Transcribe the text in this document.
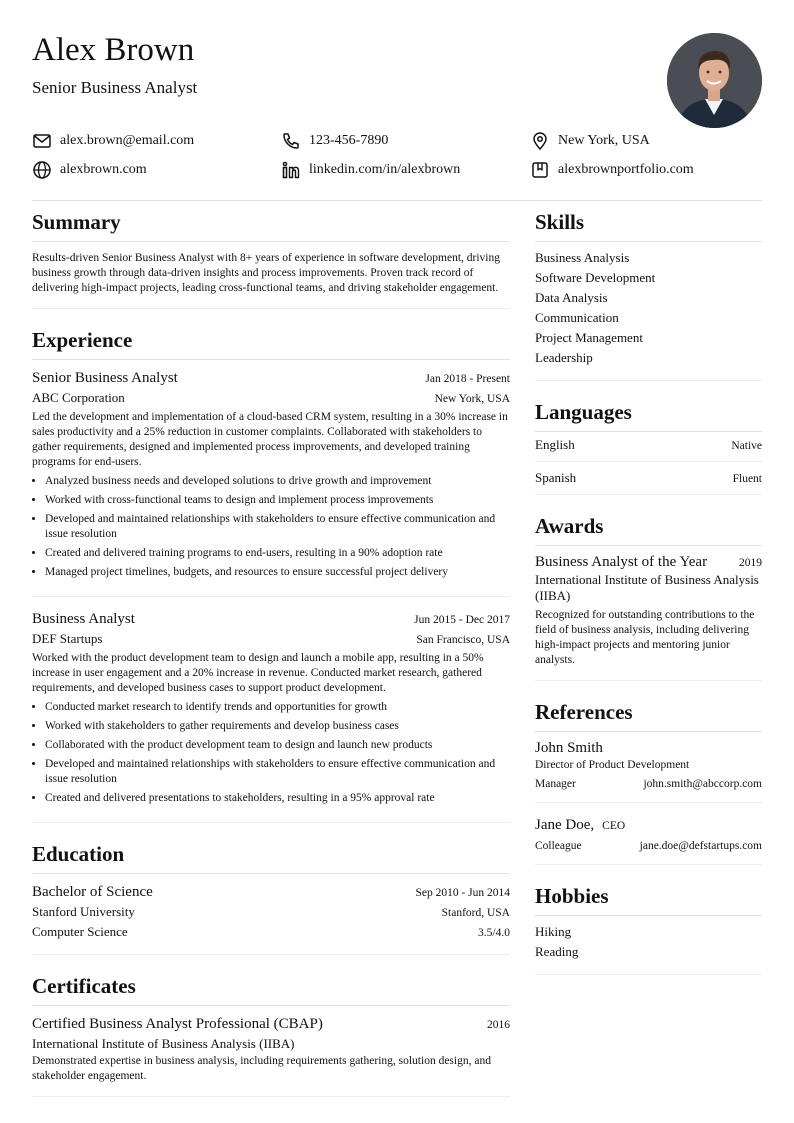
Alex Brown
Senior Business Analyst
alex.brown@email.com	123-456-7890	New York, USA
alexbrown.com	linkedin.com/in/alexbrown	alexbrownportfolio.com
Summary
Results-driven Senior Business Analyst with 8+ years of experience in software development, driving business growth through data-driven insights and process improvements. Proven track record of delivering high-impact projects, leading cross-functional teams, and driving stakeholder engagement.
Experience
Senior Business Analyst	Jan 2018 - Present
ABC Corporation	New York, USA
Led the development and implementation of a cloud-based CRM system, resulting in a 30% increase in sales productivity and a 25% reduction in customer complaints. Collaborated with stakeholders to gather requirements, designed and implemented process improvements, and developed training programs for end-users.
• Analyzed business needs and developed solutions to drive growth and improvement
• Worked with cross-functional teams to design and implement process improvements
• Developed and maintained relationships with stakeholders to ensure effective communication and issue resolution
• Created and delivered training programs to end-users, resulting in a 90% adoption rate
• Managed project timelines, budgets, and resources to ensure successful project delivery
Business Analyst	Jun 2015 - Dec 2017
DEF Startups	San Francisco, USA
Worked with the product development team to design and launch a mobile app, resulting in a 50% increase in user engagement and a 20% increase in revenue. Conducted market research, gathered requirements, and developed business cases to support product development.
• Conducted market research to identify trends and opportunities for growth
• Worked with stakeholders to gather requirements and develop business cases
• Collaborated with the product development team to design and launch new products
• Developed and maintained relationships with stakeholders to ensure effective communication and issue resolution
• Created and delivered presentations to stakeholders, resulting in a 95% approval rate
Education
Bachelor of Science	Sep 2010 - Jun 2014
Stanford University	Stanford, USA
Computer Science	3.5/4.0
Certificates
Certified Business Analyst Professional (CBAP)	2016
International Institute of Business Analysis (IIBA)
Demonstrated expertise in business analysis, including requirements gathering, solution design, and stakeholder engagement.
Skills
Business Analysis
Software Development
Data Analysis
Communication
Project Management
Leadership
Languages
English	Native
Spanish	Fluent
Awards
Business Analyst of the Year	2019
International Institute of Business Analysis (IIBA)
Recognized for outstanding contributions to the field of business analysis, including delivering high-impact projects and mentoring junior analysts.
References
John Smith
Director of Product Development
Manager	john.smith@abccorp.com
Jane Doe, CEO
Colleague	jane.doe@defstartups.com
Hobbies
Hiking
Reading
